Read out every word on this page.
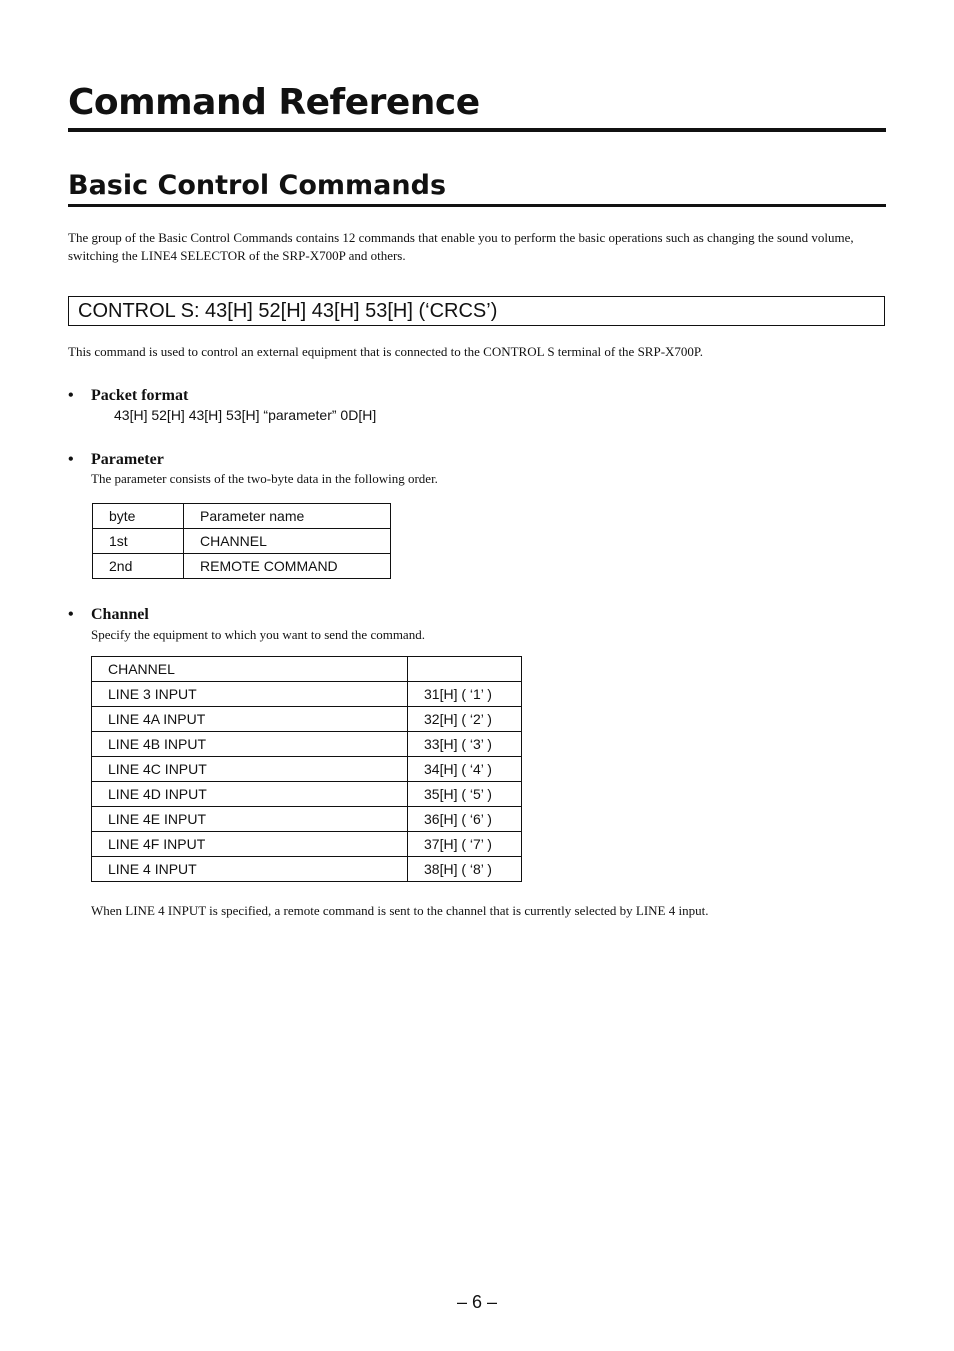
Command Reference
Basic Control Commands

The group of the Basic Control Commands contains 12 commands that enable you to perform the basic operations such as changing the sound volume, switching the LINE4 SELECTOR of the SRP-X700P and others.

CONTROL S: 43[H] 52[H] 43[H] 53[H] (‘CRCS’)

This command is used to control an external equipment that is connected to the CONTROL S terminal of the SRP-X700P.

• Packet format
43[H] 52[H] 43[H] 53[H] “parameter” 0D[H]
• Parameter
The parameter consists of the two-byte data in the following order.
byte	Parameter name
1st	CHANNEL
2nd	REMOTE COMMAND
• Channel
Specify the equipment to which you want to send the command.
CHANNEL	
LINE 3 INPUT	31[H] ( ‘1’ )
LINE 4A INPUT	32[H] ( ‘2’ )
LINE 4B INPUT	33[H] ( ‘3’ )
LINE 4C INPUT	34[H] ( ‘4’ )
LINE 4D INPUT	35[H] ( ‘5’ )
LINE 4E INPUT	36[H] ( ‘6’ )
LINE 4F INPUT	37[H] ( ‘7’ )
LINE 4 INPUT	38[H] ( ‘8’ )

When LINE 4 INPUT is specified, a remote command is sent to the channel that is currently selected by LINE 4 input.

– 6 –
